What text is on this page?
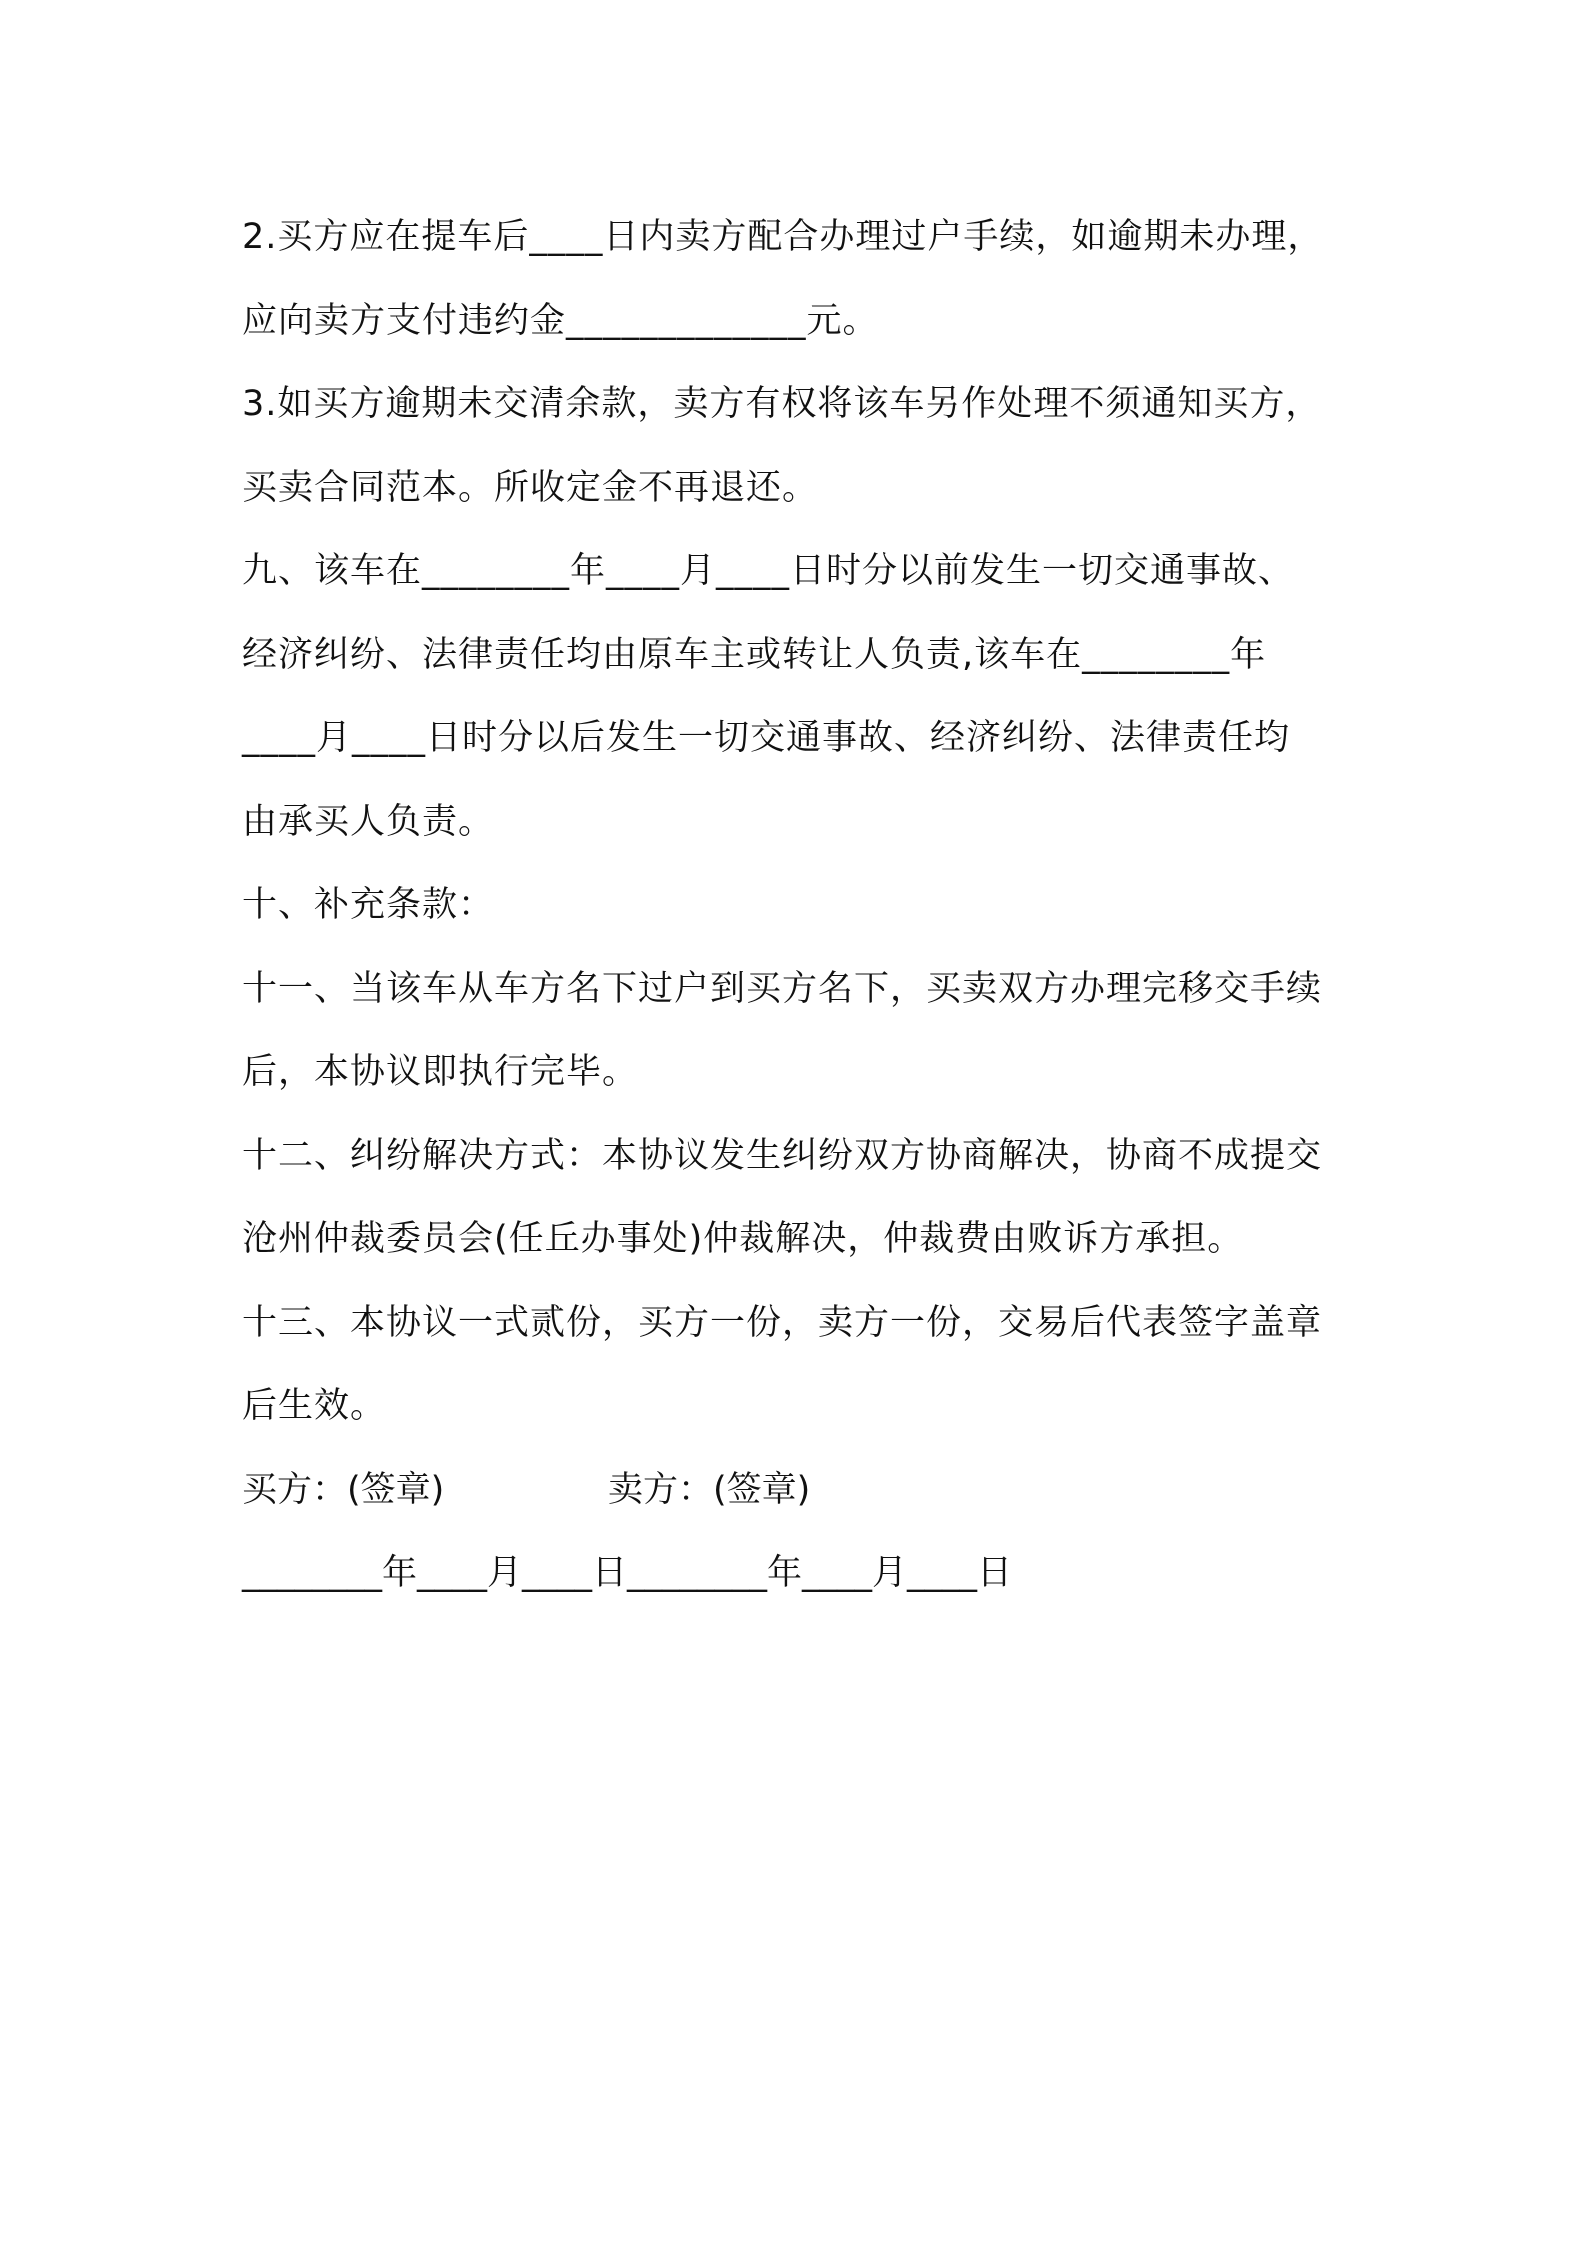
2.买方应在提车后____日内卖方配合办理过户手续，如逾期未办理，

应向卖方支付违约金_____________元。

3.如买方逾期未交清余款，卖方有权将该车另作处理不须通知买方，

买卖合同范本。所收定金不再退还。

九、该车在________年____月____日时分以前发生一切交通事故、

经济纠纷、法律责任均由原车主或转让人负责,该车在________年

____月____日时分以后发生一切交通事故、经济纠纷、法律责任均

由承买人负责。

十、补充条款：

十一、当该车从车方名下过户到买方名下，买卖双方办理完移交手续

后，本协议即执行完毕。

十二、纠纷解决方式：本协议发生纠纷双方协商解决，协商不成提交

沧州仲裁委员会(任丘办事处)仲裁解决，仲裁费由败诉方承担。

十三、本协议一式贰份，买方一份，卖方一份，交易后代表签字盖章

后生效。

买方：(签章)	卖方：(签章)

________年____月____日________年____月____日
